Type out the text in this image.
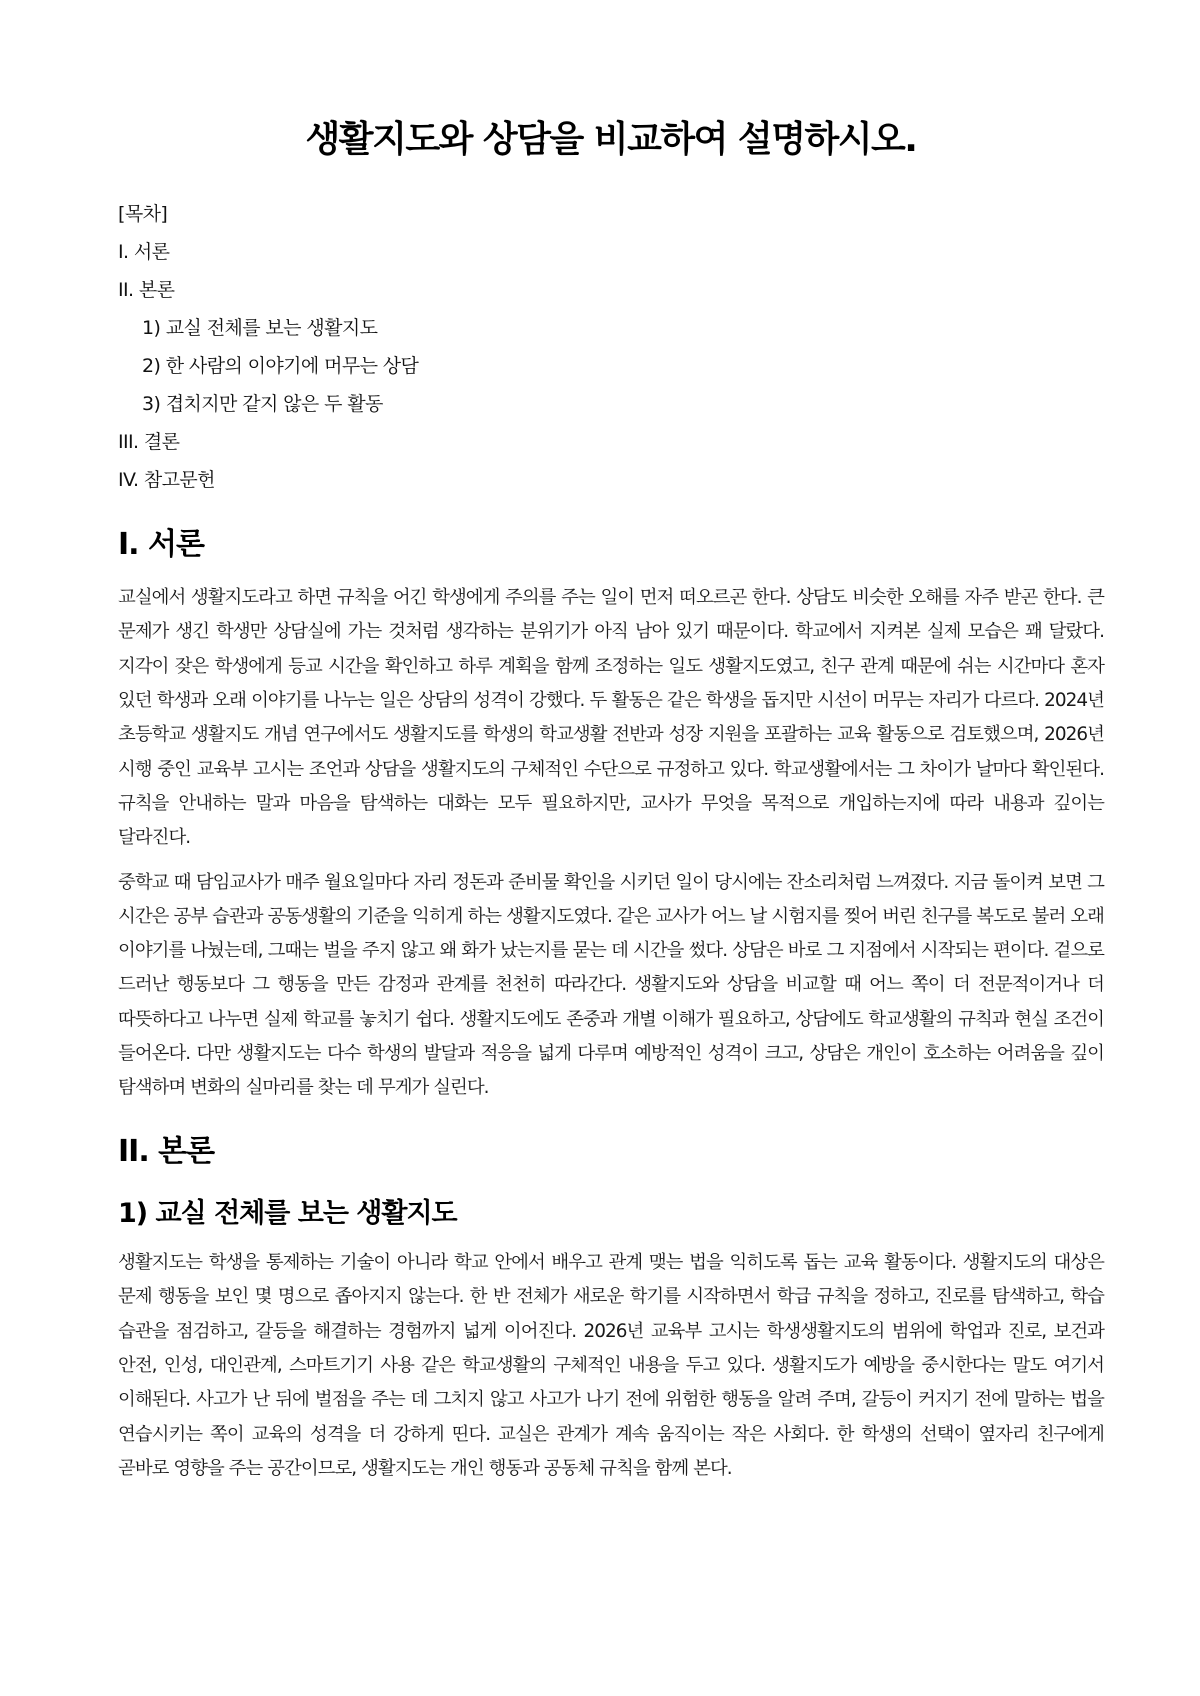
생활지도와 상담을 비교하여 설명하시오.
[목차]
I. 서론
II. 본론
1) 교실 전체를 보는 생활지도
2) 한 사람의 이야기에 머무는 상담
3) 겹치지만 같지 않은 두 활동
III. 결론
IV. 참고문헌
I. 서론

교실에서 생활지도라고 하면 규칙을 어긴 학생에게 주의를 주는 일이 먼저 떠오르곤 한다. 상담도 비슷한 오해를 자주 받곤 한다. 큰 문제가 생긴 학생만 상담실에 가는 것처럼 생각하는 분위기가 아직 남아 있기 때문이다. 학교에서 지켜본 실제 모습은 꽤 달랐다. 지각이 잦은 학생에게 등교 시간을 확인하고 하루 계획을 함께 조정하는 일도 생활지도였고, 친구 관계 때문에 쉬는 시간마다 혼자 있던 학생과 오래 이야기를 나누는 일은 상담의 성격이 강했다. 두 활동은 같은 학생을 돕지만 시선이 머무는 자리가 다르다. 2024년 초등학교 생활지도 개념 연구에서도 생활지도를 학생의 학교생활 전반과 성장 지원을 포괄하는 교육 활동으로 검토했으며, 2026년 시행 중인 교육부 고시는 조언과 상담을 생활지도의 구체적인 수단으로 규정하고 있다. 학교생활에서는 그 차이가 날마다 확인된다. 규칙을 안내하는 말과 마음을 탐색하는 대화는 모두 필요하지만, 교사가 무엇을 목적으로 개입하는지에 따라 내용과 깊이는 달라진다.

중학교 때 담임교사가 매주 월요일마다 자리 정돈과 준비물 확인을 시키던 일이 당시에는 잔소리처럼 느껴졌다. 지금 돌이켜 보면 그 시간은 공부 습관과 공동생활의 기준을 익히게 하는 생활지도였다. 같은 교사가 어느 날 시험지를 찢어 버린 친구를 복도로 불러 오래 이야기를 나눴는데, 그때는 벌을 주지 않고 왜 화가 났는지를 묻는 데 시간을 썼다. 상담은 바로 그 지점에서 시작되는 편이다. 겉으로 드러난 행동보다 그 행동을 만든 감정과 관계를 천천히 따라간다. 생활지도와 상담을 비교할 때 어느 쪽이 더 전문적이거나 더 따뜻하다고 나누면 실제 학교를 놓치기 쉽다. 생활지도에도 존중과 개별 이해가 필요하고, 상담에도 학교생활의 규칙과 현실 조건이 들어온다. 다만 생활지도는 다수 학생의 발달과 적응을 넓게 다루며 예방적인 성격이 크고, 상담은 개인이 호소하는 어려움을 깊이 탐색하며 변화의 실마리를 찾는 데 무게가 실린다.

II. 본론
1) 교실 전체를 보는 생활지도

생활지도는 학생을 통제하는 기술이 아니라 학교 안에서 배우고 관계 맺는 법을 익히도록 돕는 교육 활동이다. 생활지도의 대상은 문제 행동을 보인 몇 명으로 좁아지지 않는다. 한 반 전체가 새로운 학기를 시작하면서 학급 규칙을 정하고, 진로를 탐색하고, 학습 습관을 점검하고, 갈등을 해결하는 경험까지 넓게 이어진다. 2026년 교육부 고시는 학생생활지도의 범위에 학업과 진로, 보건과 안전, 인성, 대인관계, 스마트기기 사용 같은 학교생활의 구체적인 내용을 두고 있다. 생활지도가 예방을 중시한다는 말도 여기서 이해된다. 사고가 난 뒤에 벌점을 주는 데 그치지 않고 사고가 나기 전에 위험한 행동을 알려 주며, 갈등이 커지기 전에 말하는 법을 연습시키는 쪽이 교육의 성격을 더 강하게 띤다. 교실은 관계가 계속 움직이는 작은 사회다. 한 학생의 선택이 옆자리 친구에게 곧바로 영향을 주는 공간이므로, 생활지도는 개인 행동과 공동체 규칙을 함께 본다.
